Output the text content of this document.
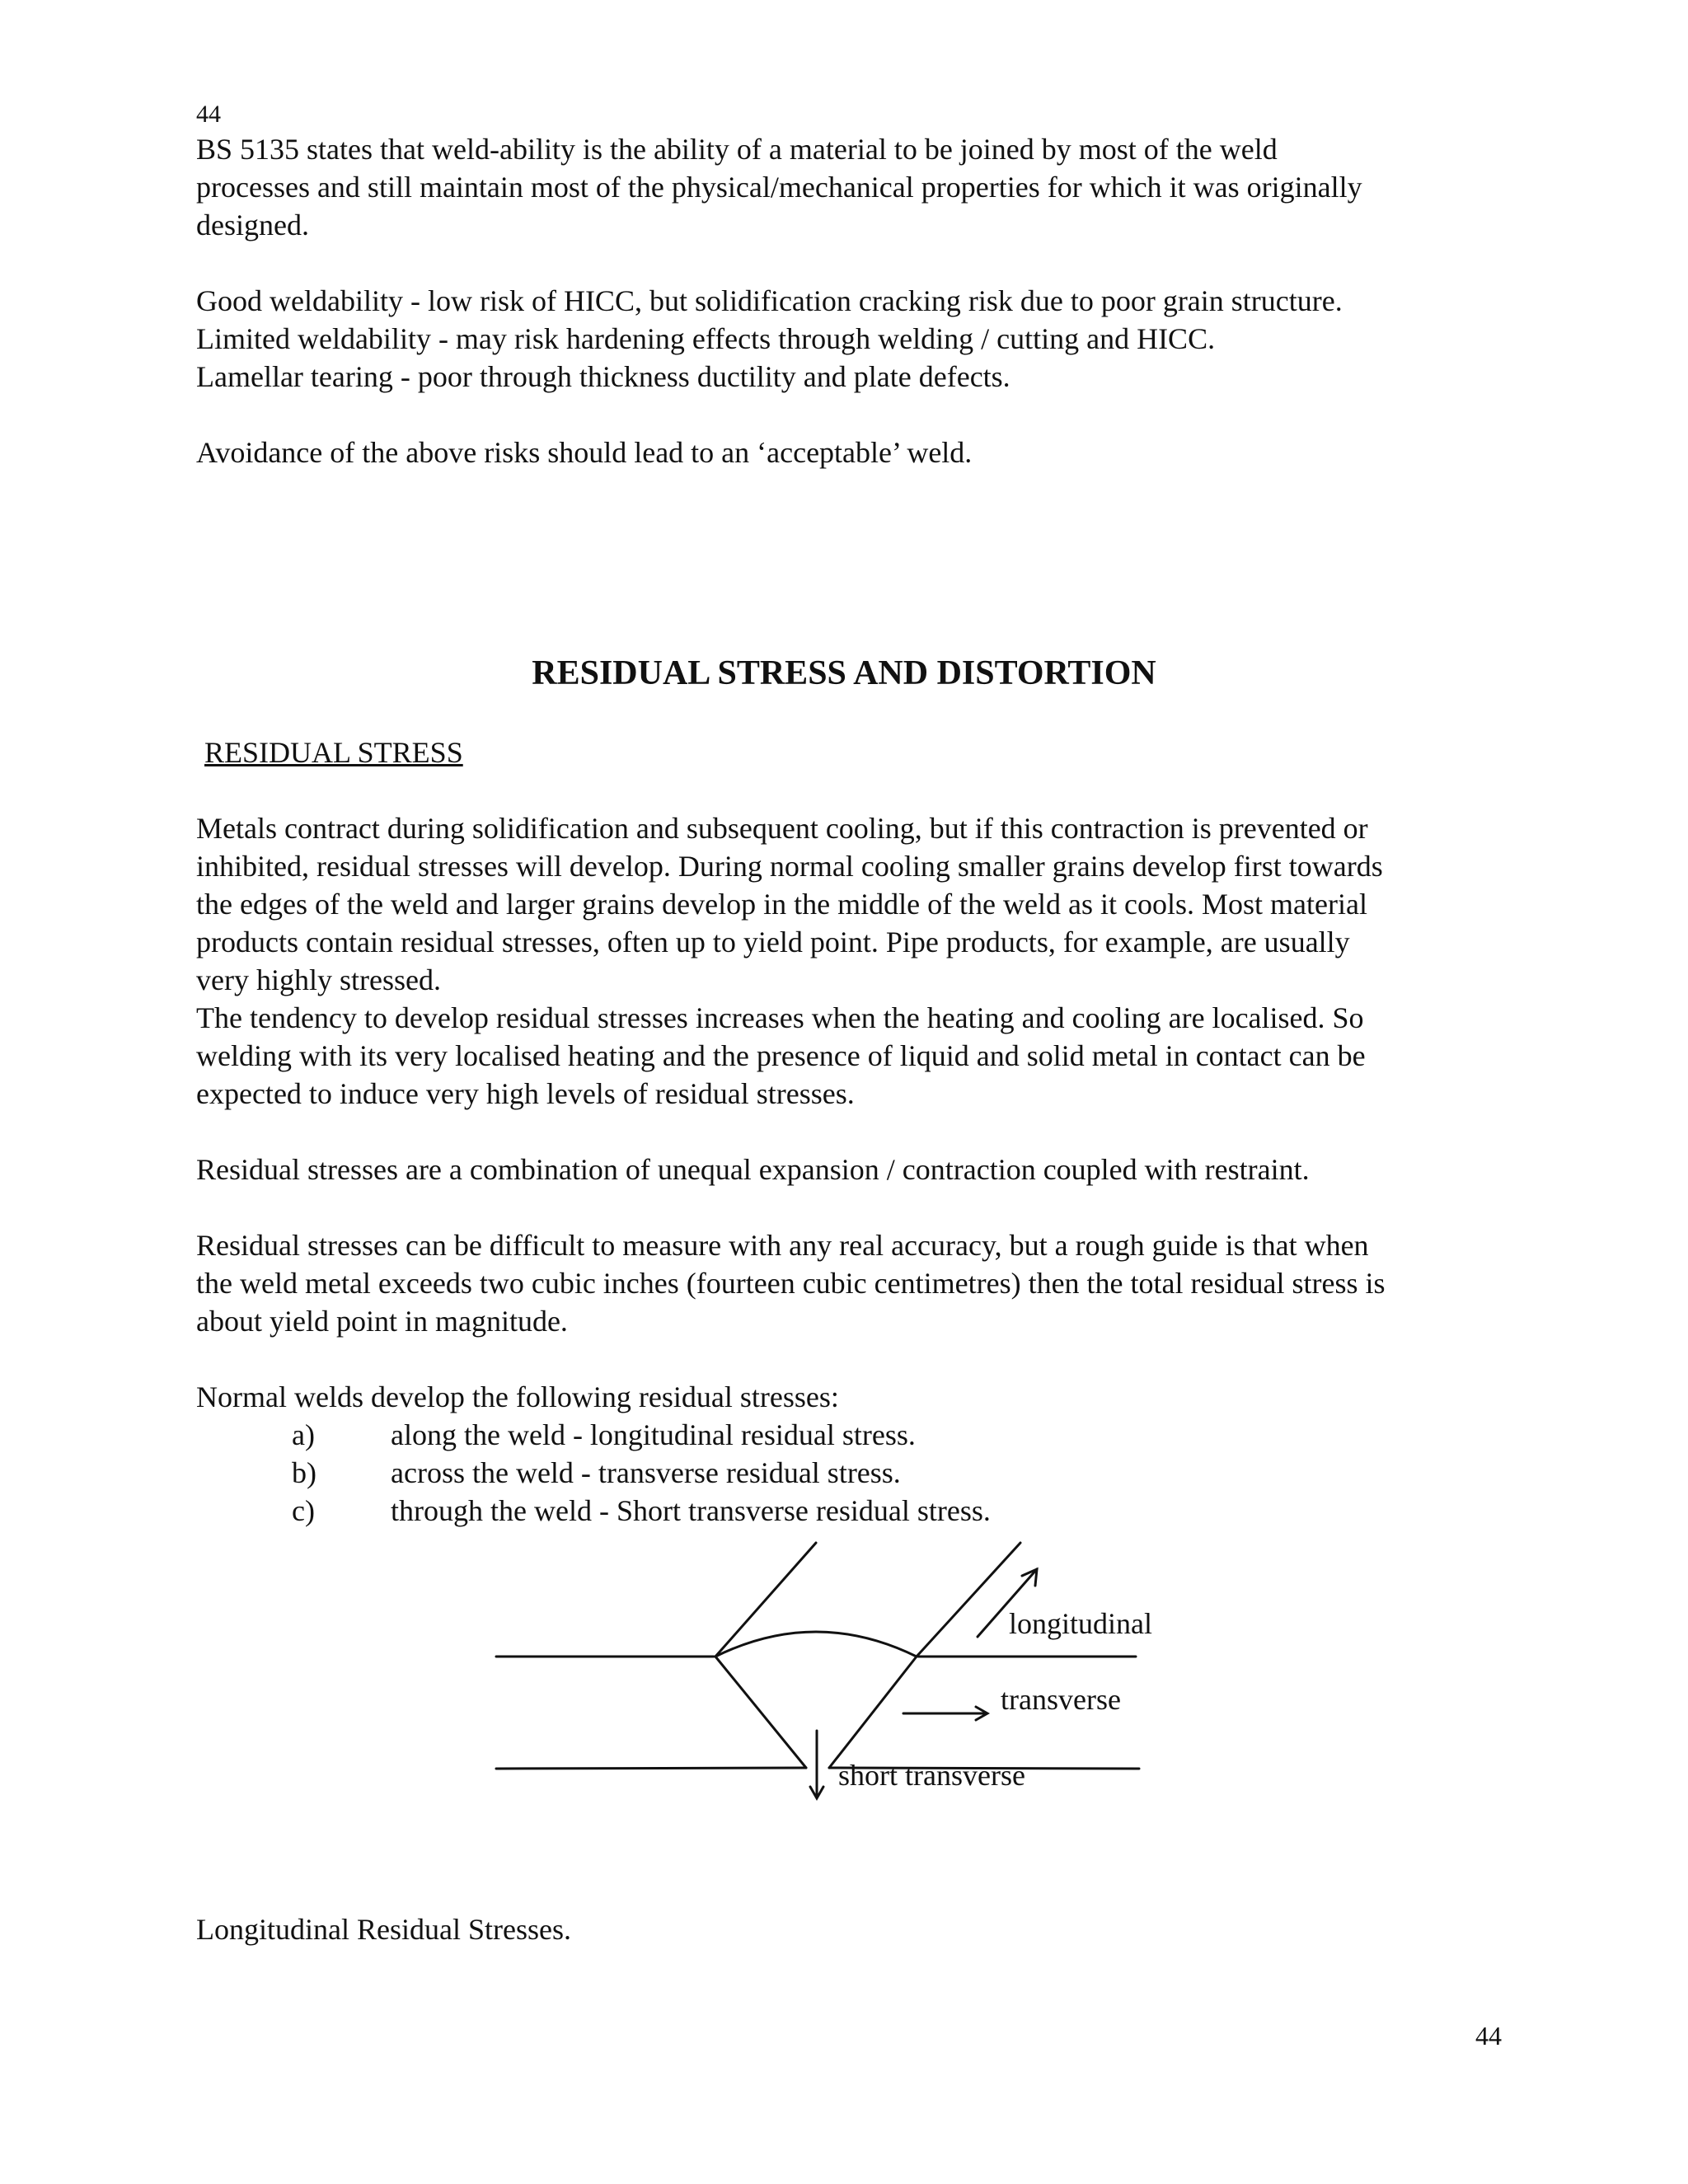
44

BS 5135 states that weld-ability is the ability of a material to be joined by most of the weld

processes and still maintain most of the physical/mechanical properties for which it was originally

designed.

Good weldability - low risk of HICC, but solidification cracking risk due to poor grain structure.

Limited weldability - may risk hardening effects through welding / cutting and HICC.

Lamellar tearing - poor through thickness ductility and plate defects.

Avoidance of the above risks should lead to an ‘acceptable’ weld.

RESIDUAL STRESS AND DISTORTION
RESIDUAL STRESS

Metals contract during solidification and subsequent cooling, but if this contraction is prevented or

inhibited, residual stresses will develop. During normal cooling smaller grains develop first towards

the edges of the weld and larger grains develop in the middle of the weld as it cools. Most material

products contain residual stresses, often up to yield point. Pipe products, for example, are usually

very highly stressed.

The tendency to develop residual stresses increases when the heating and cooling are localised. So

welding with its very localised heating and the presence of liquid and solid metal in contact can be

expected to induce very high levels of residual stresses.

Residual stresses are a combination of unequal expansion / contraction coupled with restraint.

Residual stresses can be difficult to measure with any real accuracy, but a rough guide is that when

the weld metal exceeds two cubic inches (fourteen cubic centimetres) then the total residual stress is

about yield point in magnitude.

Normal welds develop the following residual stresses:

a)	along the weld - longitudinal residual stress.
b)	across the weld - transverse residual stress.
c)	through the weld - Short transverse residual stress.
longitudinal
transverse
short transverse

Longitudinal Residual Stresses.

44
